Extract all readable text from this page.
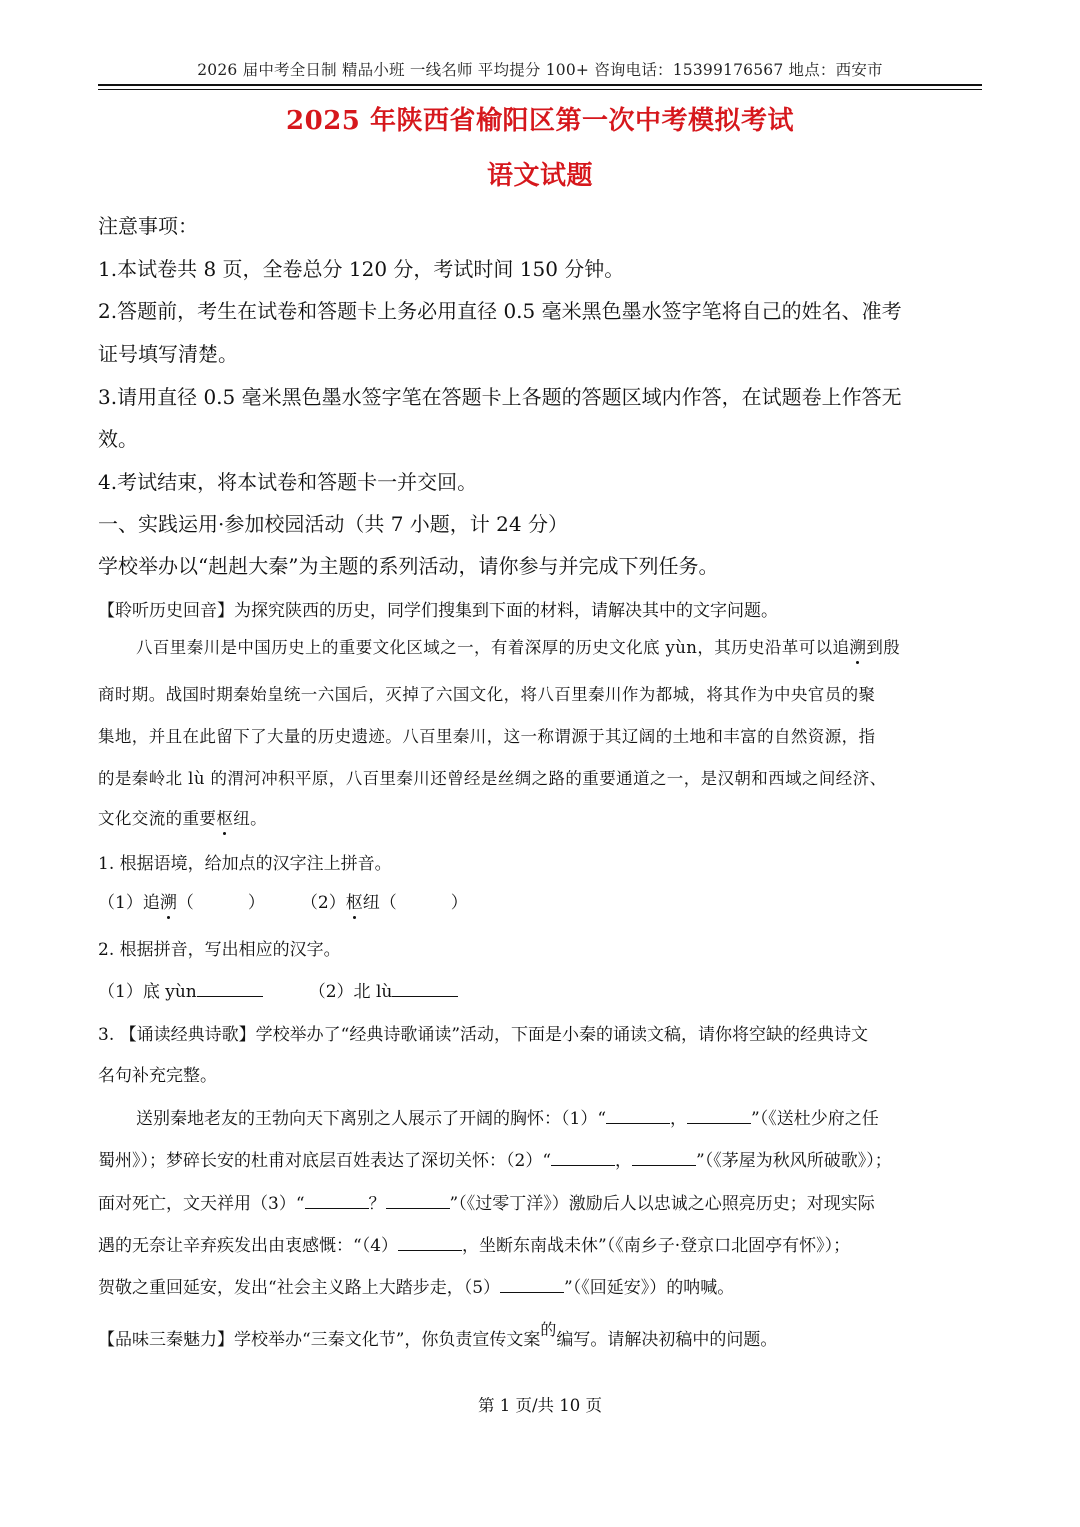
2026 届中考全日制 精品小班 一线名师 平均提分 100+ 咨询电话：15399176567 地点：西安市
2025 年陕西省榆阳区第一次中考模拟考试
语文试题
注意事项：
1.本试卷共 8 页，全卷总分 120 分，考试时间 150 分钟。
2.答题前，考生在试卷和答题卡上务必用直径 0.5 毫米黑色墨水签字笔将自己的姓名、准考
证号填写清楚。
3.请用直径 0.5 毫米黑色墨水签字笔在答题卡上各题的答题区域内作答，在试题卷上作答无
效。
4.考试结束，将本试卷和答题卡一并交回。
一、实践运用·参加校园活动（共 7 小题，计 24 分）
学校举办以“赳赳大秦”为主题的系列活动，请你参与并完成下列任务。
【聆听历史回音】为探究陕西的历史，同学们搜集到下面的材料，请解决其中的文字问题。
八百里秦川是中国历史上的重要文化区域之一，有着深厚的历史文化底 yùn，其历史沿革可以追溯到殷
商时期。战国时期秦始皇统一六国后，灭掉了六国文化，将八百里秦川作为都城，将其作为中央官员的聚
集地，并且在此留下了大量的历史遗迹。八百里秦川，这一称谓源于其辽阔的土地和丰富的自然资源，指
的是秦岭北 lù 的渭河冲积平原，八百里秦川还曾经是丝绸之路的重要通道之一，是汉朝和西域之间经济、
文化交流的重要枢纽。
1. 根据语境，给加点的汉字注上拼音。
（1）追溯（          ） （2）枢纽（          ）
2. 根据拼音，写出相应的汉字。
（1）底 yùn	（2）北 lù
3. 【诵读经典诗歌】学校举办了“经典诗歌诵读”活动，下面是小秦的诵读文稿，请你将空缺的经典诗文
名句补充完整。
送别秦地老友的王勃向天下离别之人展示了开阔的胸怀：（1）“	，	”（《送杜少府之任
蜀州》）；梦碎长安的杜甫对底层百姓表达了深切关怀：（2）“	，	”（《茅屋为秋风所破歌》）；
面对死亡，文天祥用（3）“	？	”（《过零丁洋》）激励后人以忠诚之心照亮历史；对现实际
遇的无奈让辛弃疾发出由衷感慨：“（4）	，坐断东南战未休”（《南乡子·登京口北固亭有怀》）；
贺敬之重回延安，发出“社会主义路上大踏步走，（5）	”（《回延安》）的呐喊。
【品味三秦魅力】学校举办“三秦文化节”，你负责宣传文案的编写。请解决初稿中的问题。
第 1 页/共 10 页
